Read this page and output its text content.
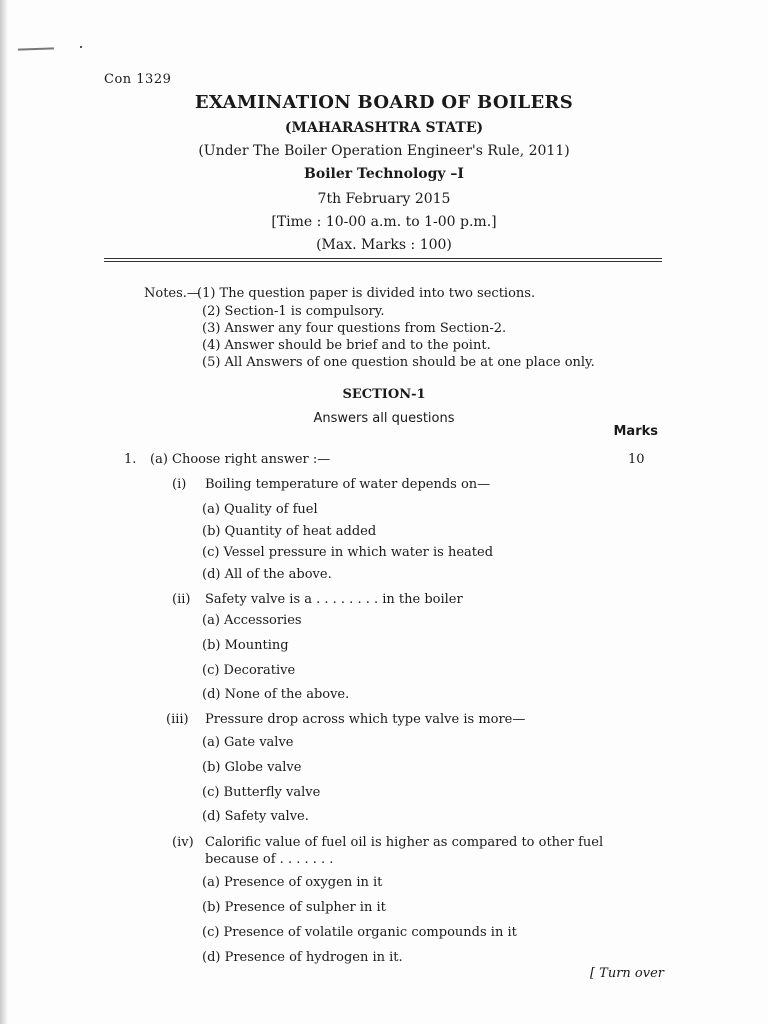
Con 1329
EXAMINATION BOARD OF BOILERS
(MAHARASHTRA STATE)
(Under The Boiler Operation Engineer's Rule, 2011)
Boiler Technology –I
7th February 2015
[Time : 10-00 a.m. to 1-00 p.m.]
(Max. Marks : 100)
Notes.—
(1) The question paper is divided into two sections.
(2) Section-1 is compulsory.
(3) Answer any four questions from Section-2.
(4) Answer should be brief and to the point.
(5) All Answers of one question should be at one place only.
SECTION-1
Answers all questions
Marks
1. (a) Choose right answer :—	10
(i) Boiling temperature of water depends on—
(a) Quality of fuel
(b) Quantity of heat added
(c) Vessel pressure in which water is heated
(d) All of the above.
(ii) Safety valve is a . . . . . . . . in the boiler
(a) Accessories
(b) Mounting
(c) Decorative
(d) None of the above.
(iii) Pressure drop across which type valve is more—
(a) Gate valve
(b) Globe valve
(c) Butterfly valve
(d) Safety valve.
(iv) Calorific value of fuel oil is higher as compared to other fuel
because of . . . . . . .
(a) Presence of oxygen in it
(b) Presence of sulpher in it
(c) Presence of volatile organic compounds in it
(d) Presence of hydrogen in it.
[ Turn over
